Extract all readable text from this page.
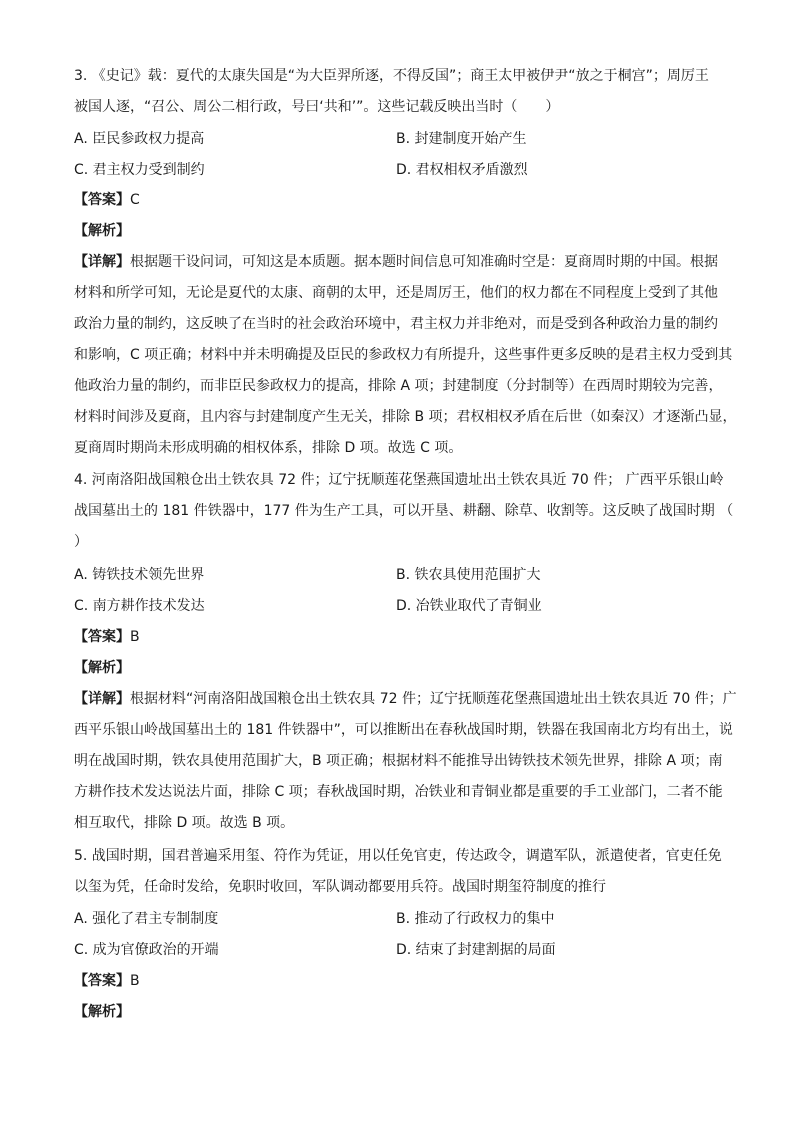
3. 《史记》载：夏代的太康失国是“为大臣羿所逐，不得反国”；商王太甲被伊尹“放之于桐宫”；周厉王
被国人逐，“召公、周公二相行政，号曰‘共和’”。这些记载反映出当时（　　）
A. 臣民参政权力提高	B. 封建制度开始产生
C. 君主权力受到制约	D. 君权相权矛盾激烈
【答案】C
【解析】
【详解】根据题干设问词，可知这是本质题。据本题时间信息可知准确时空是：夏商周时期的中国。根据
材料和所学可知，无论是夏代的太康、商朝的太甲，还是周厉王，他们的权力都在不同程度上受到了其他
政治力量的制约，这反映了在当时的社会政治环境中，君主权力并非绝对，而是受到各种政治力量的制约
和影响，C 项正确；材料中并未明确提及臣民的参政权力有所提升，这些事件更多反映的是君主权力受到其
他政治力量的制约，而非臣民参政权力的提高，排除 A 项；封建制度（分封制等）在西周时期较为完善，
材料时间涉及夏商，且内容与封建制度产生无关，排除 B 项；君权相权矛盾在后世（如秦汉）才逐渐凸显，
夏商周时期尚未形成明确的相权体系，排除 D 项。故选 C 项。
4. 河南洛阳战国粮仓出土铁农具 72 件；辽宁抚顺莲花堡燕国遗址出土铁农具近 70 件； 广西平乐银山岭
战国墓出土的 181 件铁器中，177 件为生产工具，可以开垦、耕翻、除草、收割等。这反映了战国时期 （
）
A. 铸铁技术领先世界	B. 铁农具使用范围扩大
C. 南方耕作技术发达	D. 冶铁业取代了青铜业
【答案】B
【解析】
【详解】根据材料“河南洛阳战国粮仓出土铁农具 72 件；辽宁抚顺莲花堡燕国遗址出土铁农具近 70 件；广
西平乐银山岭战国墓出土的 181 件铁器中”，可以推断出在春秋战国时期，铁器在我国南北方均有出土，说
明在战国时期，铁农具使用范围扩大，B 项正确；根据材料不能推导出铸铁技术领先世界，排除 A 项；南
方耕作技术发达说法片面，排除 C 项；春秋战国时期，冶铁业和青铜业都是重要的手工业部门，二者不能
相互取代，排除 D 项。故选 B 项。
5. 战国时期，国君普遍采用玺、符作为凭证，用以任免官吏，传达政令，调遣军队，派遣使者，官吏任免
以玺为凭，任命时发给，免职时收回，军队调动都要用兵符。战国时期玺符制度的推行
A. 强化了君主专制制度	B. 推动了行政权力的集中
C. 成为官僚政治的开端	D. 结束了封建割据的局面
【答案】B
【解析】
